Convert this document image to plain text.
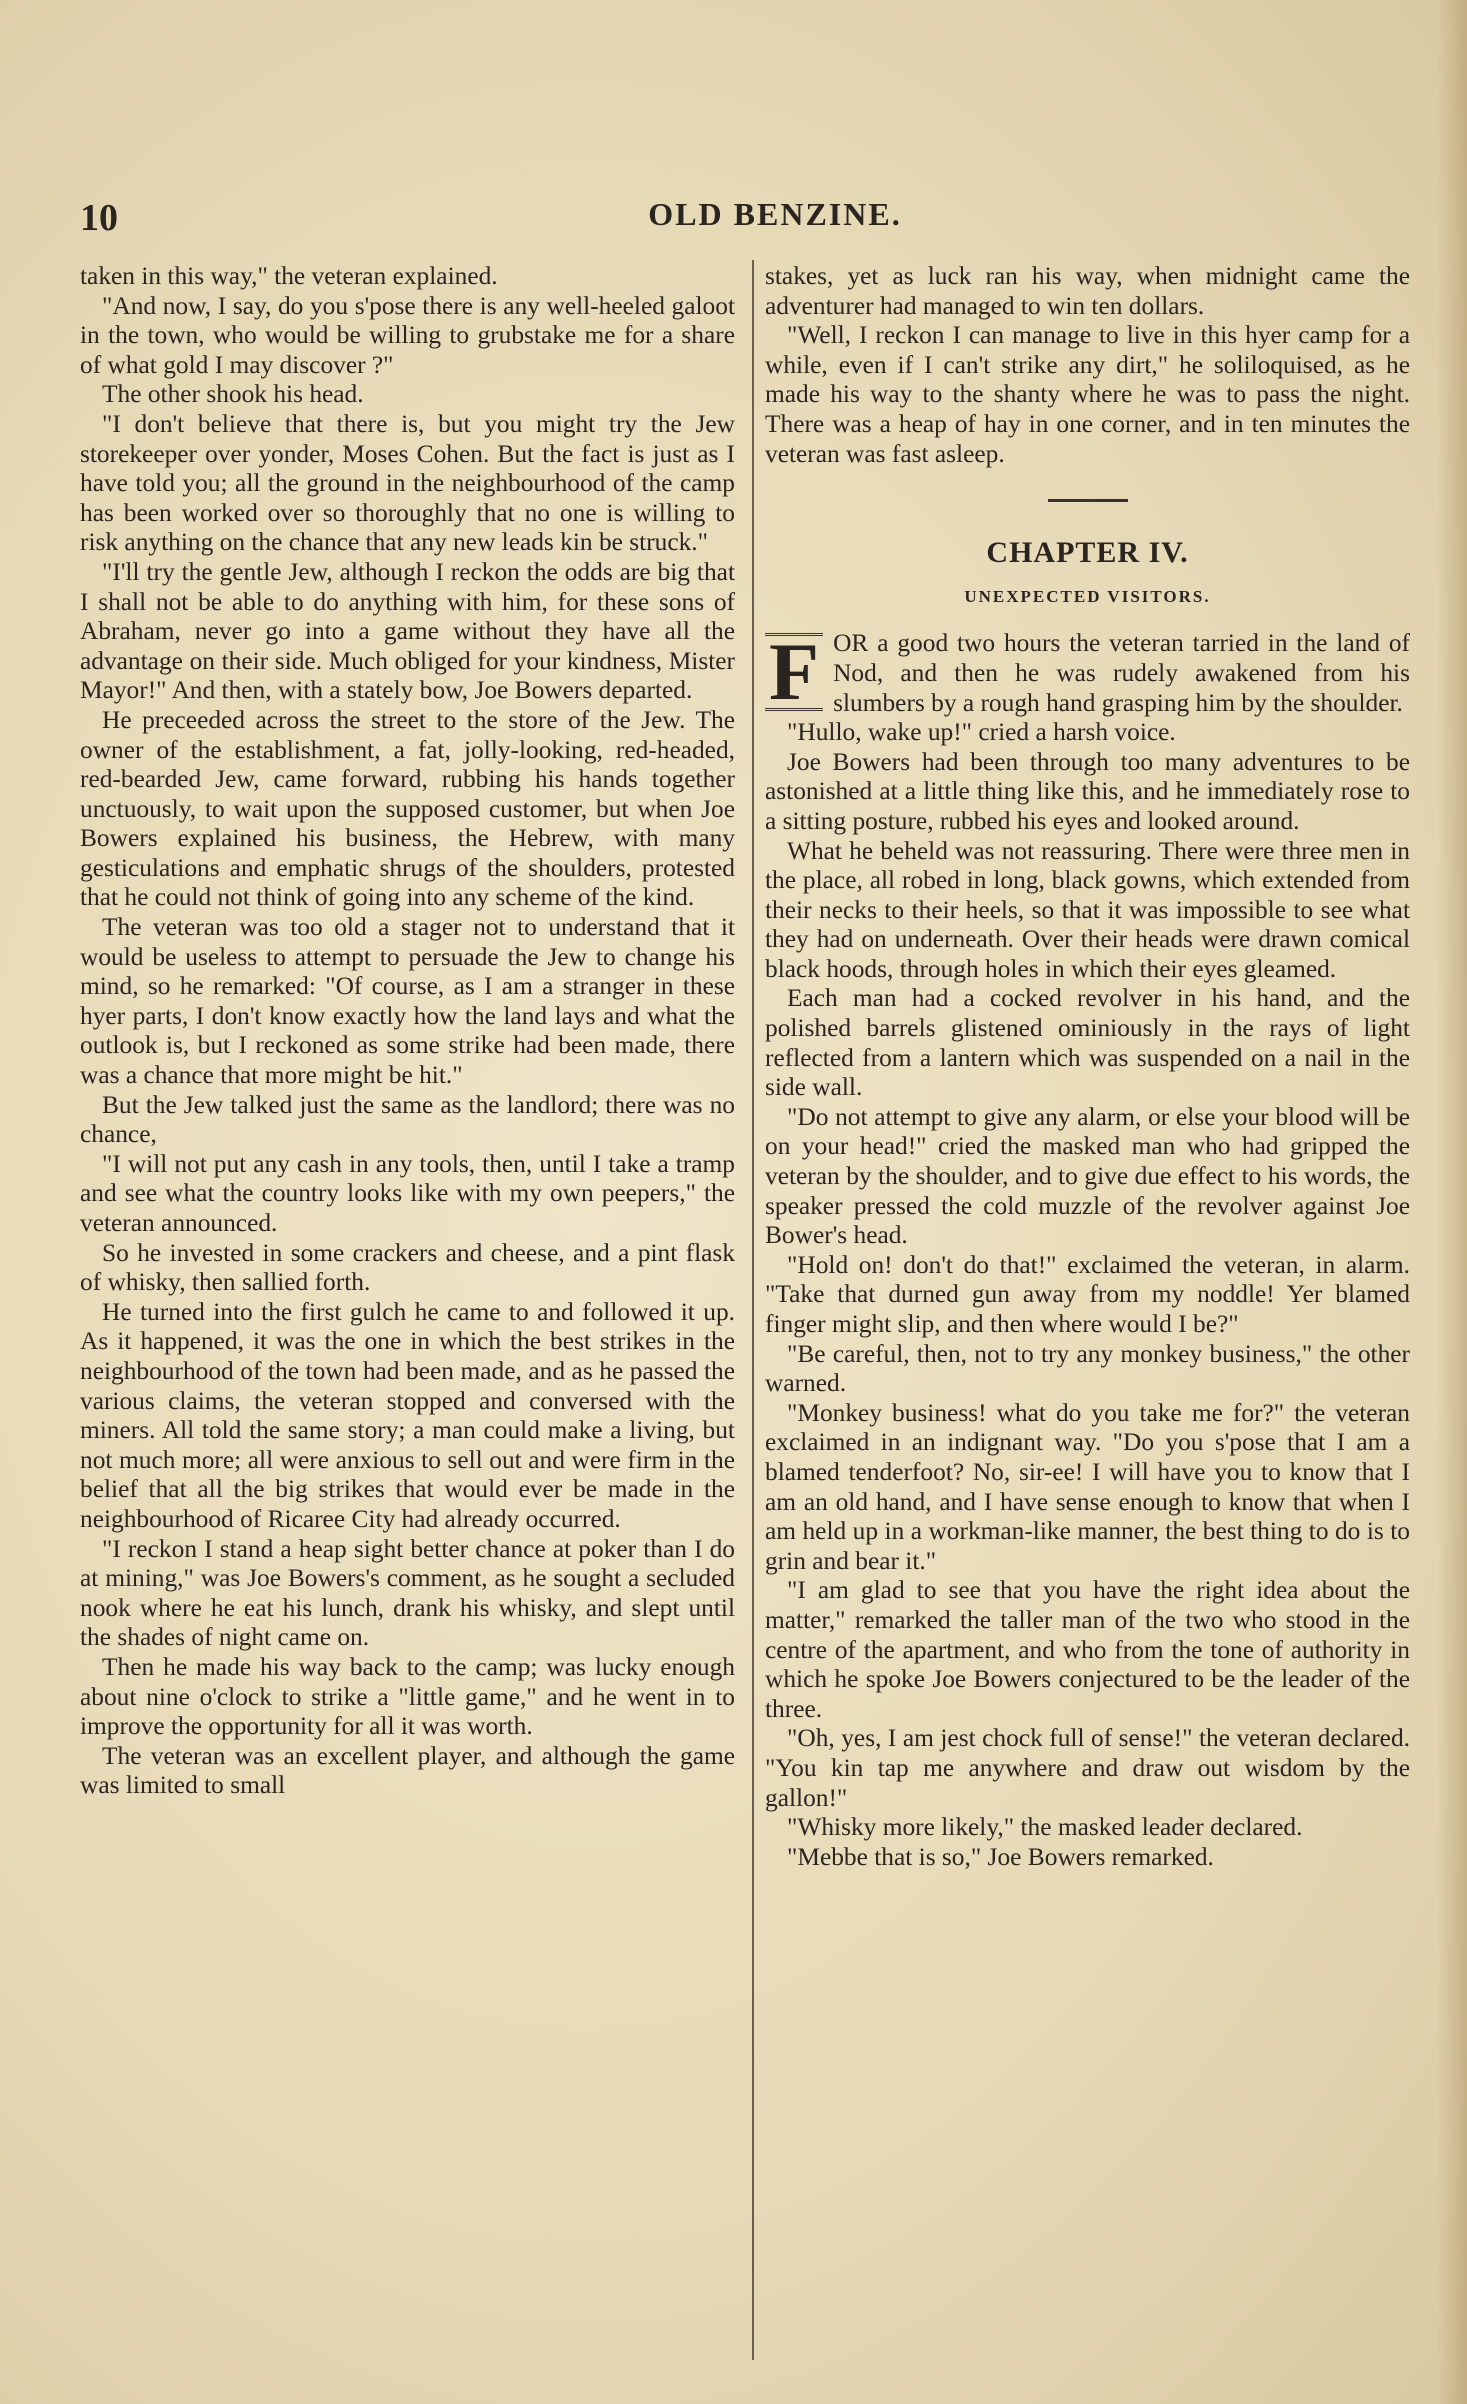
10	OLD BENZINE.

taken in this way," the veteran explained.

"And now, I say, do you s'pose there is any well-heeled galoot in the town, who would be willing to grubstake me for a share of what gold I may discover ?"

The other shook his head.

"I don't believe that there is, but you might try the Jew storekeeper over yonder, Moses Cohen. But the fact is just as I have told you; all the ground in the neighbourhood of the camp has been worked over so thoroughly that no one is willing to risk anything on the chance that any new leads kin be struck."

"I'll try the gentle Jew, although I reckon the odds are big that I shall not be able to do anything with him, for these sons of Abraham, never go into a game without they have all the advantage on their side. Much obliged for your kindness, Mister Mayor!" And then, with a stately bow, Joe Bowers departed.

He preceeded across the street to the store of the Jew. The owner of the establishment, a fat, jolly-looking, red-headed, red-bearded Jew, came forward, rubbing his hands together unctuously, to wait upon the supposed customer, but when Joe Bowers explained his business, the Hebrew, with many gesticulations and emphatic shrugs of the shoulders, protested that he could not think of going into any scheme of the kind.

The veteran was too old a stager not to understand that it would be useless to attempt to persuade the Jew to change his mind, so he remarked: "Of course, as I am a stranger in these hyer parts, I don't know exactly how the land lays and what the outlook is, but I reckoned as some strike had been made, there was a chance that more might be hit."

But the Jew talked just the same as the landlord; there was no chance,

"I will not put any cash in any tools, then, until I take a tramp and see what the country looks like with my own peepers," the veteran announced.

So he invested in some crackers and cheese, and a pint flask of whisky, then sallied forth.

He turned into the first gulch he came to and followed it up. As it happened, it was the one in which the best strikes in the neighbourhood of the town had been made, and as he passed the various claims, the veteran stopped and conversed with the miners. All told the same story; a man could make a living, but not much more; all were anxious to sell out and were firm in the belief that all the big strikes that would ever be made in the neighbourhood of Ricaree City had already occurred.

"I reckon I stand a heap sight better chance at poker than I do at mining," was Joe Bowers's comment, as he sought a secluded nook where he eat his lunch, drank his whisky, and slept until the shades of night came on.

Then he made his way back to the camp; was lucky enough about nine o'clock to strike a "little game," and he went in to improve the opportunity for all it was worth.

The veteran was an excellent player, and although the game was limited to small

stakes, yet as luck ran his way, when midnight came the adventurer had managed to win ten dollars.

"Well, I reckon I can manage to live in this hyer camp for a while, even if I can't strike any dirt," he soliloquised, as he made his way to the shanty where he was to pass the night. There was a heap of hay in one corner, and in ten minutes the veteran was fast asleep.

CHAPTER IV.
UNEXPECTED VISITORS.

F OR a good two hours the veteran tarried in the land of Nod, and then he was rudely awakened from his slumbers by a rough hand grasping him by the shoulder.

"Hullo, wake up!" cried a harsh voice.

Joe Bowers had been through too many adventures to be astonished at a little thing like this, and he immediately rose to a sitting posture, rubbed his eyes and looked around.

What he beheld was not reassuring. There were three men in the place, all robed in long, black gowns, which extended from their necks to their heels, so that it was impossible to see what they had on underneath. Over their heads were drawn comical black hoods, through holes in which their eyes gleamed.

Each man had a cocked revolver in his hand, and the polished barrels glistened ominiously in the rays of light reflected from a lantern which was suspended on a nail in the side wall.

"Do not attempt to give any alarm, or else your blood will be on your head!" cried the masked man who had gripped the veteran by the shoulder, and to give due effect to his words, the speaker pressed the cold muzzle of the revolver against Joe Bower's head.

"Hold on! don't do that!" exclaimed the veteran, in alarm. "Take that durned gun away from my noddle! Yer blamed finger might slip, and then where would I be?"

"Be careful, then, not to try any monkey business," the other warned.

"Monkey business! what do you take me for?" the veteran exclaimed in an indignant way. "Do you s'pose that I am a blamed tenderfoot? No, sir-ee! I will have you to know that I am an old hand, and I have sense enough to know that when I am held up in a workman-like manner, the best thing to do is to grin and bear it."

"I am glad to see that you have the right idea about the matter," remarked the taller man of the two who stood in the centre of the apartment, and who from the tone of authority in which he spoke Joe Bowers conjectured to be the leader of the three.

"Oh, yes, I am jest chock full of sense!" the veteran declared. "You kin tap me anywhere and draw out wisdom by the gallon!"

"Whisky more likely," the masked leader declared.

"Mebbe that is so," Joe Bowers remarked.
